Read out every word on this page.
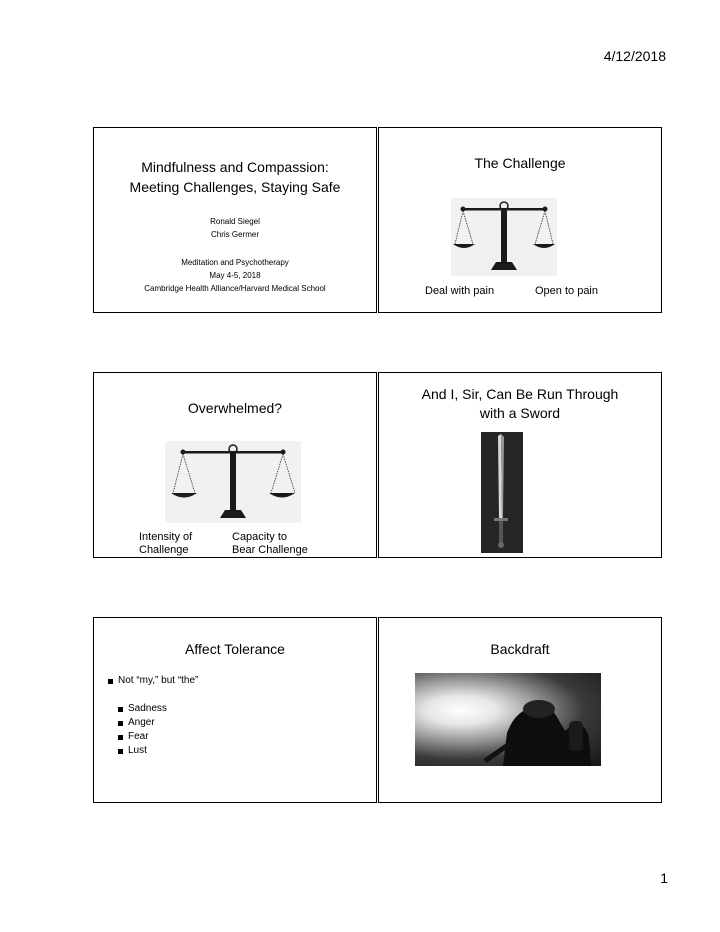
4/12/2018
Mindfulness and Compassion:
Meeting Challenges, Staying Safe
Ronald Siegel
Chris Germer
Meditation and Psychotherapy
May 4-5, 2018
Cambridge Health Alliance/Harvard Medical School
The Challenge
Deal with pain	Open to pain
Overwhelmed?
Intensity of
Challenge
Capacity to
Bear Challenge
And I, Sir, Can Be Run Through
with a Sword
Affect Tolerance
Not “my,” but “the”
Sadness
Anger
Fear
Lust
Backdraft
1
